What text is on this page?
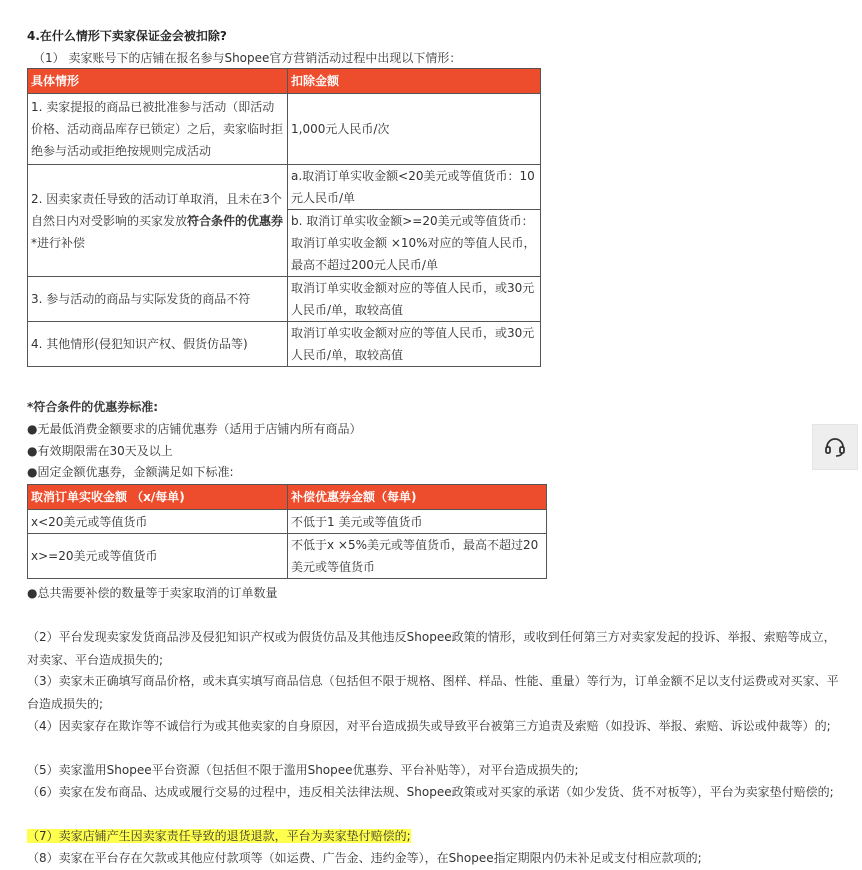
4.在什么情形下卖家保证金会被扣除?
（1） 卖家账号下的店铺在报名参与Shopee官方营销活动过程中出现以下情形：
具体情形	扣除金额
1. 卖家提报的商品已被批准参与活动（即活动价格、活动商品库存已锁定）之后，卖家临时拒绝参与活动或拒绝按规则完成活动	1,000元人民币/次
2. 因卖家责任导致的活动订单取消，且未在3个自然日内对受影响的买家发放符合条件的优惠券*进行补偿	a.取消订单实收金额<20美元或等值货币：10元人民币/单
	b. 取消订单实收金额>=20美元或等值货币：取消订单实收金额 ×10%对应的等值人民币，最高不超过200元人民币/单
3. 参与活动的商品与实际发货的商品不符	取消订单实收金额对应的等值人民币，或30元人民币/单，取较高值
4. 其他情形(侵犯知识产权、假货仿品等)	取消订单实收金额对应的等值人民币，或30元人民币/单，取较高值
*符合条件的优惠券标准:
●无最低消费金额要求的店铺优惠券（适用于店铺内所有商品）
●有效期限需在30天及以上
●固定金额优惠券，金额满足如下标准:
取消订单实收金额 （x/每单)	补偿优惠券金额（每单)
x<20美元或等值货币	不低于1 美元或等值货币
x>=20美元或等值货币	不低于x ×5%美元或等值货币，最高不超过20美元或等值货币
●总共需要补偿的数量等于卖家取消的订单数量
（2）平台发现卖家发货商品涉及侵犯知识产权或为假货仿品及其他违反Shopee政策的情形，或收到任何第三方对卖家发起的投诉、举报、索赔等成立，对卖家、平台造成损失的;
（3）卖家未正确填写商品价格，或未真实填写商品信息（包括但不限于规格、图样、样品、性能、重量）等行为，订单金额不足以支付运费或对买家、平台造成损失的;
（4）因卖家存在欺诈等不诚信行为或其他卖家的自身原因，对平台造成损失或导致平台被第三方追责及索赔（如投诉、举报、索赔、诉讼或仲裁等）的;
（5）卖家滥用Shopee平台资源（包括但不限于滥用Shopee优惠券、平台补贴等），对平台造成损失的;
（6）卖家在发布商品、达成或履行交易的过程中，违反相关法律法规、Shopee政策或对买家的承诺（如少发货、货不对板等），平台为卖家垫付赔偿的;
（7）卖家店铺产生因卖家责任导致的退货退款，平台为卖家垫付赔偿的;
（8）卖家在平台存在欠款或其他应付款项等（如运费、广告金、违约金等），在Shopee指定期限内仍未补足或支付相应款项的;
